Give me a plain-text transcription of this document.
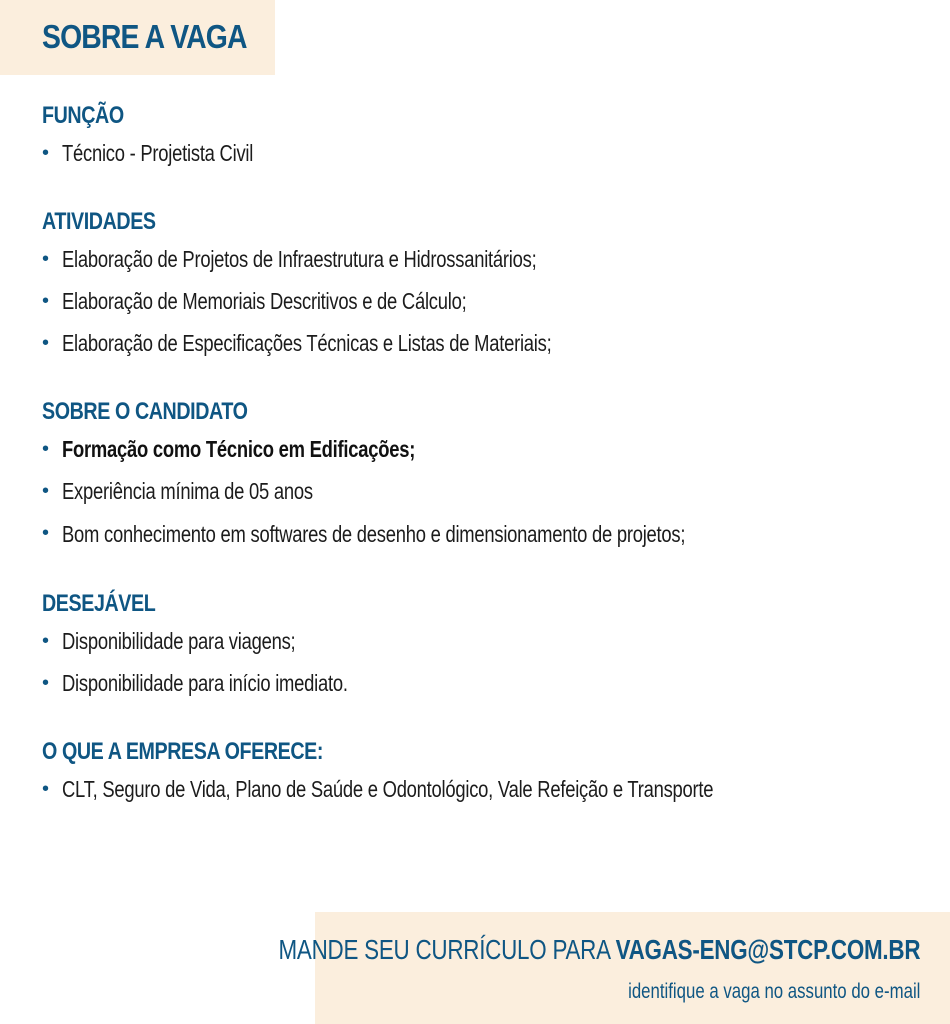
SOBRE A VAGA
FUNÇÃO
• Técnico - Projetista Civil
ATIVIDADES
• Elaboração de Projetos de Infraestrutura e Hidrossanitários;
• Elaboração de Memoriais Descritivos e de Cálculo;
• Elaboração de Especificações Técnicas e Listas de Materiais;
SOBRE O CANDIDATO
• Formação como Técnico em Edificações;
• Experiência mínima de 05 anos
• Bom conhecimento em softwares de desenho e dimensionamento de projetos;
DESEJÁVEL
• Disponibilidade para viagens;
• Disponibilidade para início imediato.
O QUE A EMPRESA OFERECE:
• CLT, Seguro de Vida, Plano de Saúde e Odontológico, Vale Refeição e Transporte
MANDE SEU CURRÍCULO PARA VAGAS-ENG@STCP.COM.BR
identifique a vaga no assunto do e-mail
